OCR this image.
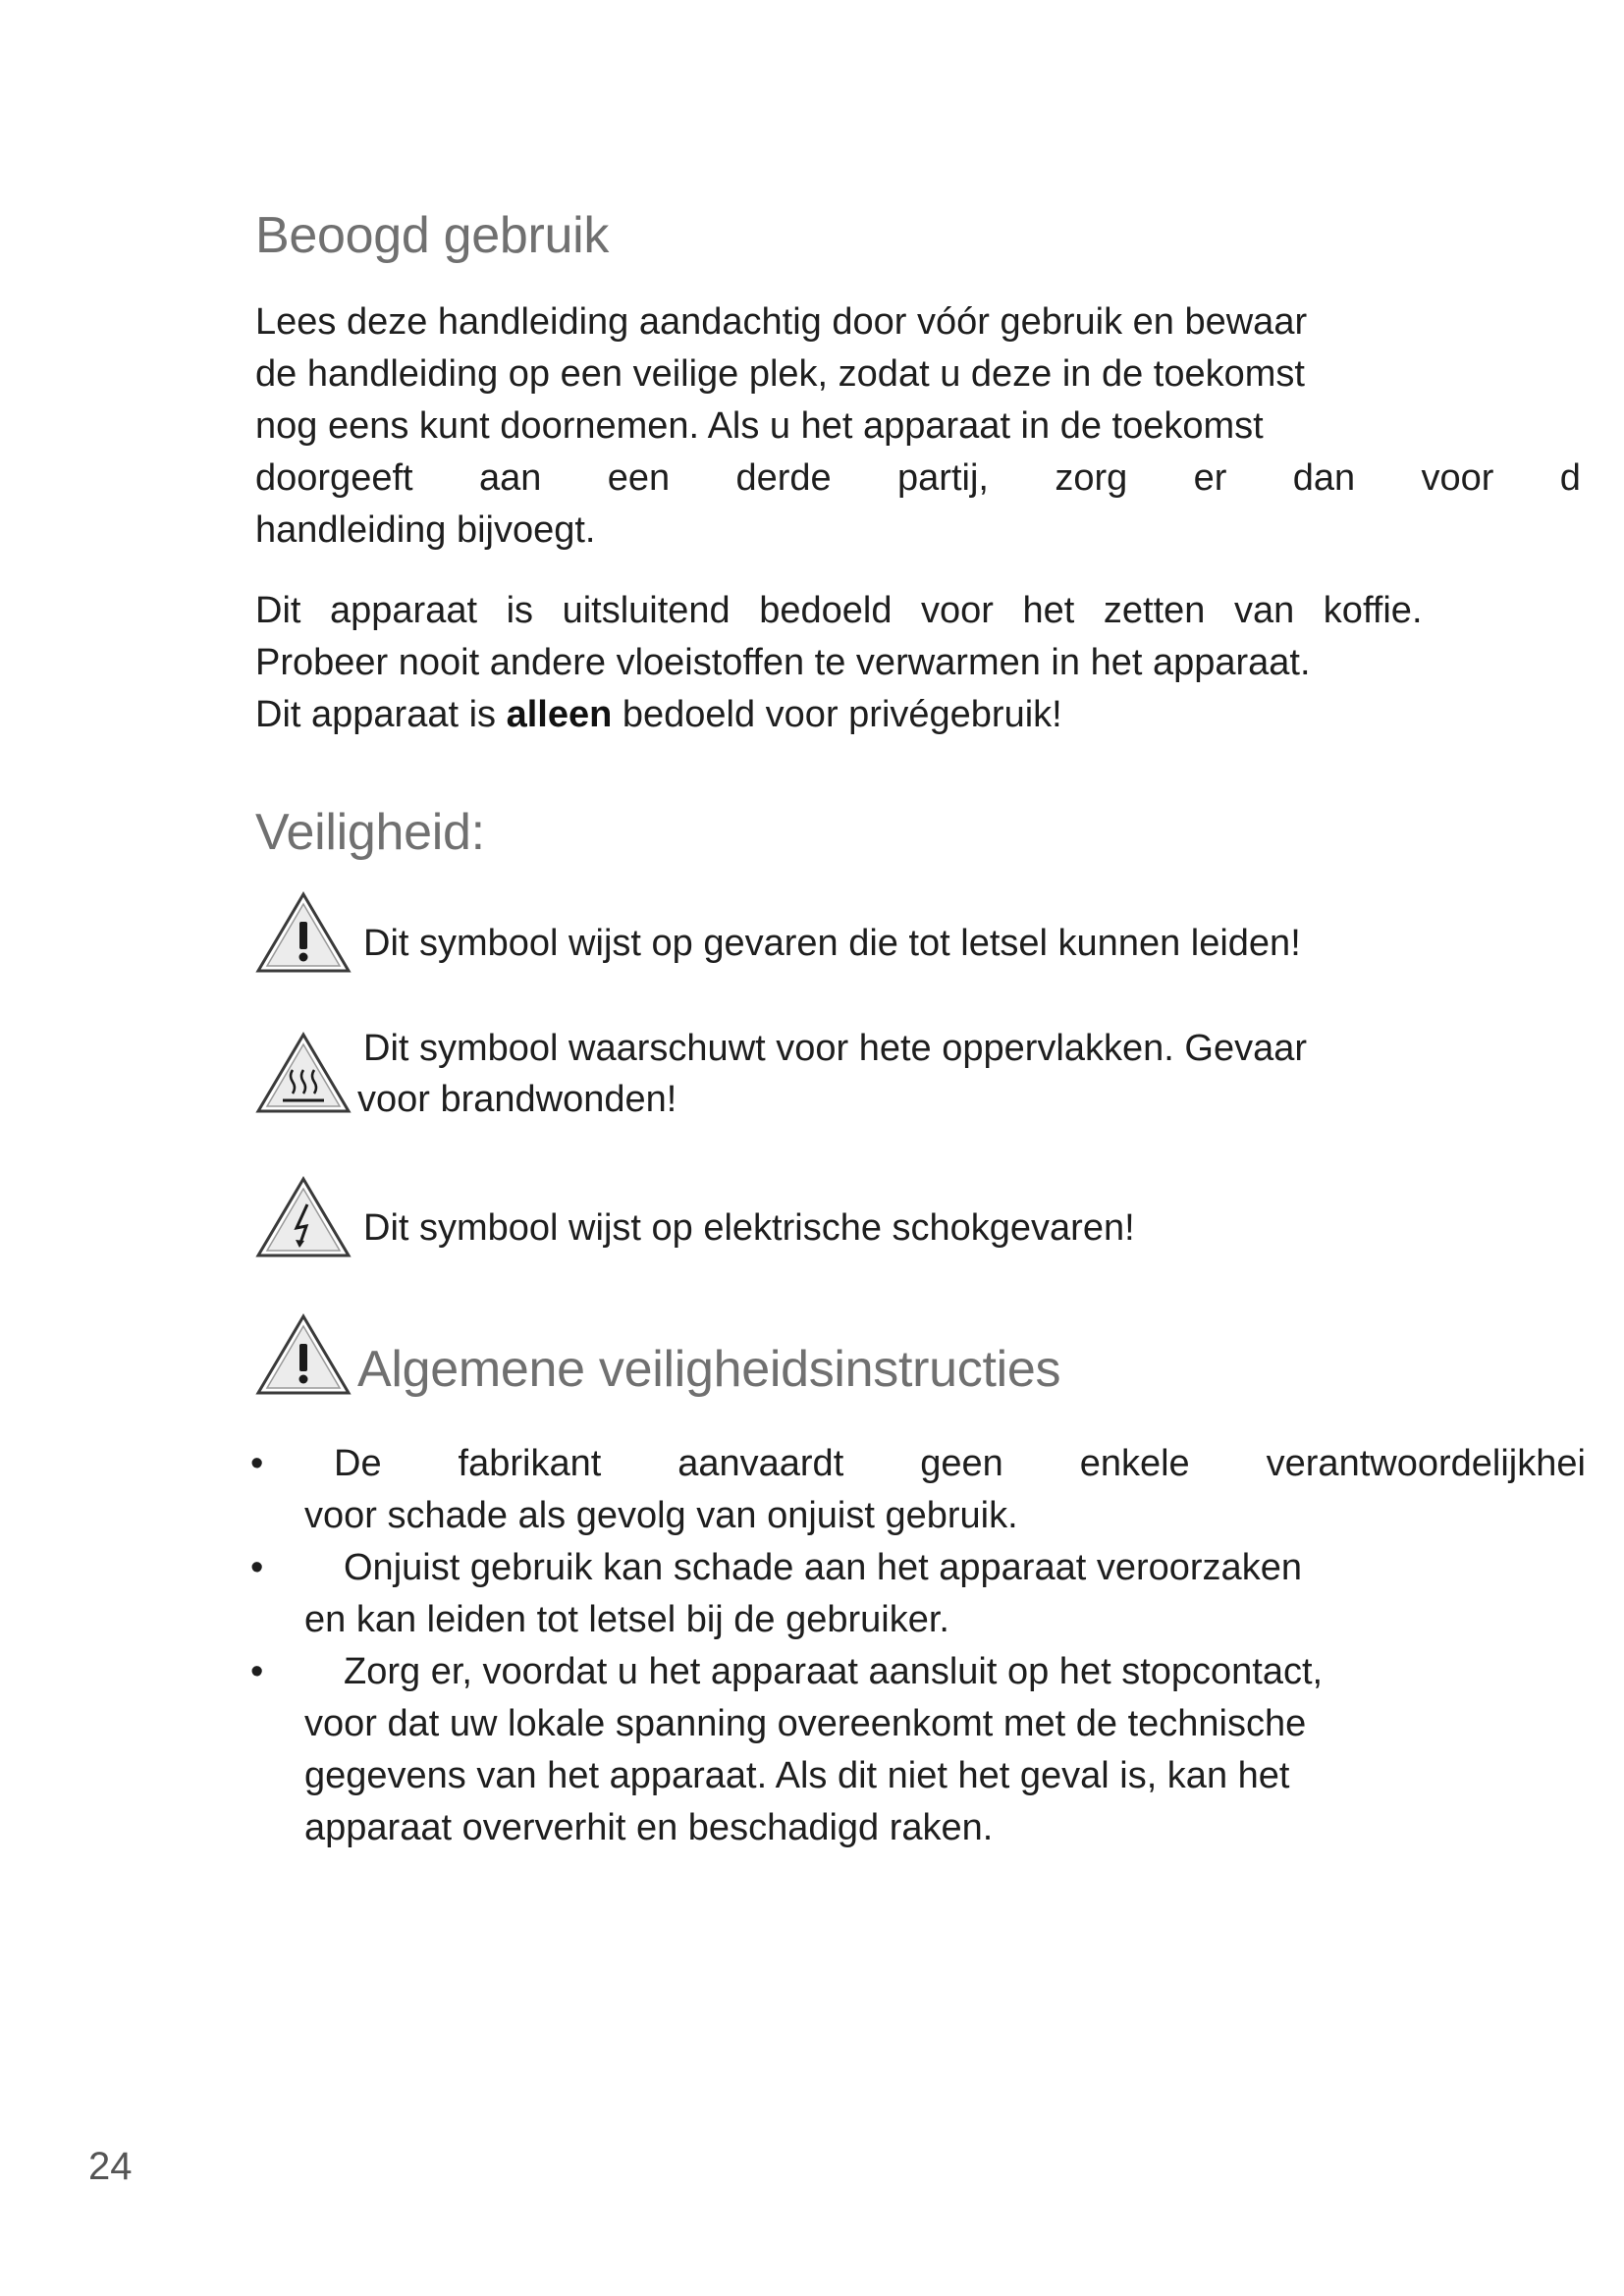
Beoogd gebruik
Lees deze handleiding aandachtig door vóór gebruik en bewaar
de handleiding op een veilige plek, zodat u deze in de toekomst
nog eens kunt doornemen. Als u het apparaat in de toekomst
doorgeeft aan een derde partij, zorg er dan voor d
handleiding bijvoegt.
Dit apparaat is uitsluitend bedoeld voor het zetten van koffie.
Probeer nooit andere vloeistoffen te verwarmen in het apparaat.
Dit apparaat is alleen bedoeld voor privégebruik!
Veiligheid:
Dit symbool wijst op gevaren die tot letsel kunnen leiden!
Dit symbool waarschuwt voor hete oppervlakken. Gevaar
voor brandwonden!
Dit symbool wijst op elektrische schokgevaren!
Algemene veiligheidsinstructies
• De fabrikant aanvaardt geen enkele verantwoordelijkhei
voor schade als gevolg van onjuist gebruik.
•	Onjuist gebruik kan schade aan het apparaat veroorzaken
en kan leiden tot letsel bij de gebruiker.
•	Zorg er, voordat u het apparaat aansluit op het stopcontact,
voor dat uw lokale spanning overeenkomt met de technische
gegevens van het apparaat. Als dit niet het geval is, kan het
apparaat oververhit en beschadigd raken.
24
